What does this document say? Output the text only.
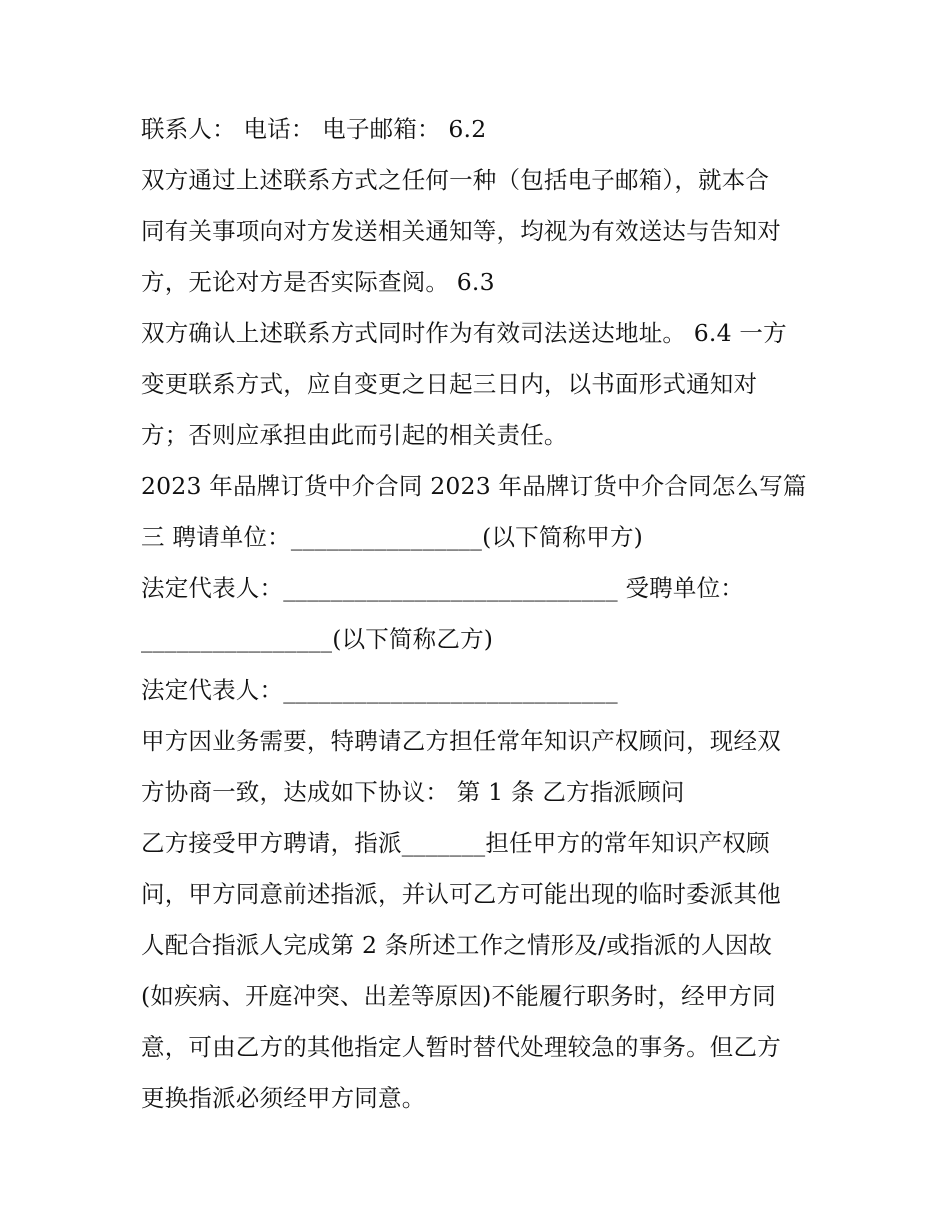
联系人： 电话： 电子邮箱： 6.2
双方通过上述联系方式之任何一种（包括电子邮箱），就本合
同有关事项向对方发送相关通知等，均视为有效送达与告知对
方，无论对方是否实际查阅。 6.3
双方确认上述联系方式同时作为有效司法送达地址。 6.4 一方
变更联系方式，应自变更之日起三日内，以书面形式通知对
方；否则应承担由此而引起的相关责任。
2023 年品牌订货中介合同 2023 年品牌订货中介合同怎么写篇
三 聘请单位：________________(以下简称甲方)
法定代表人：____________________________ 受聘单位：
________________(以下简称乙方)
法定代表人：____________________________
甲方因业务需要，特聘请乙方担任常年知识产权顾问，现经双
方协商一致，达成如下协议： 第 1 条 乙方指派顾问
乙方接受甲方聘请，指派_______担任甲方的常年知识产权顾
问，甲方同意前述指派，并认可乙方可能出现的临时委派其他
人配合指派人完成第 2 条所述工作之情形及/或指派的人因故
(如疾病、开庭冲突、出差等原因)不能履行职务时，经甲方同
意，可由乙方的其他指定人暂时替代处理较急的事务。但乙方
更换指派必须经甲方同意。
